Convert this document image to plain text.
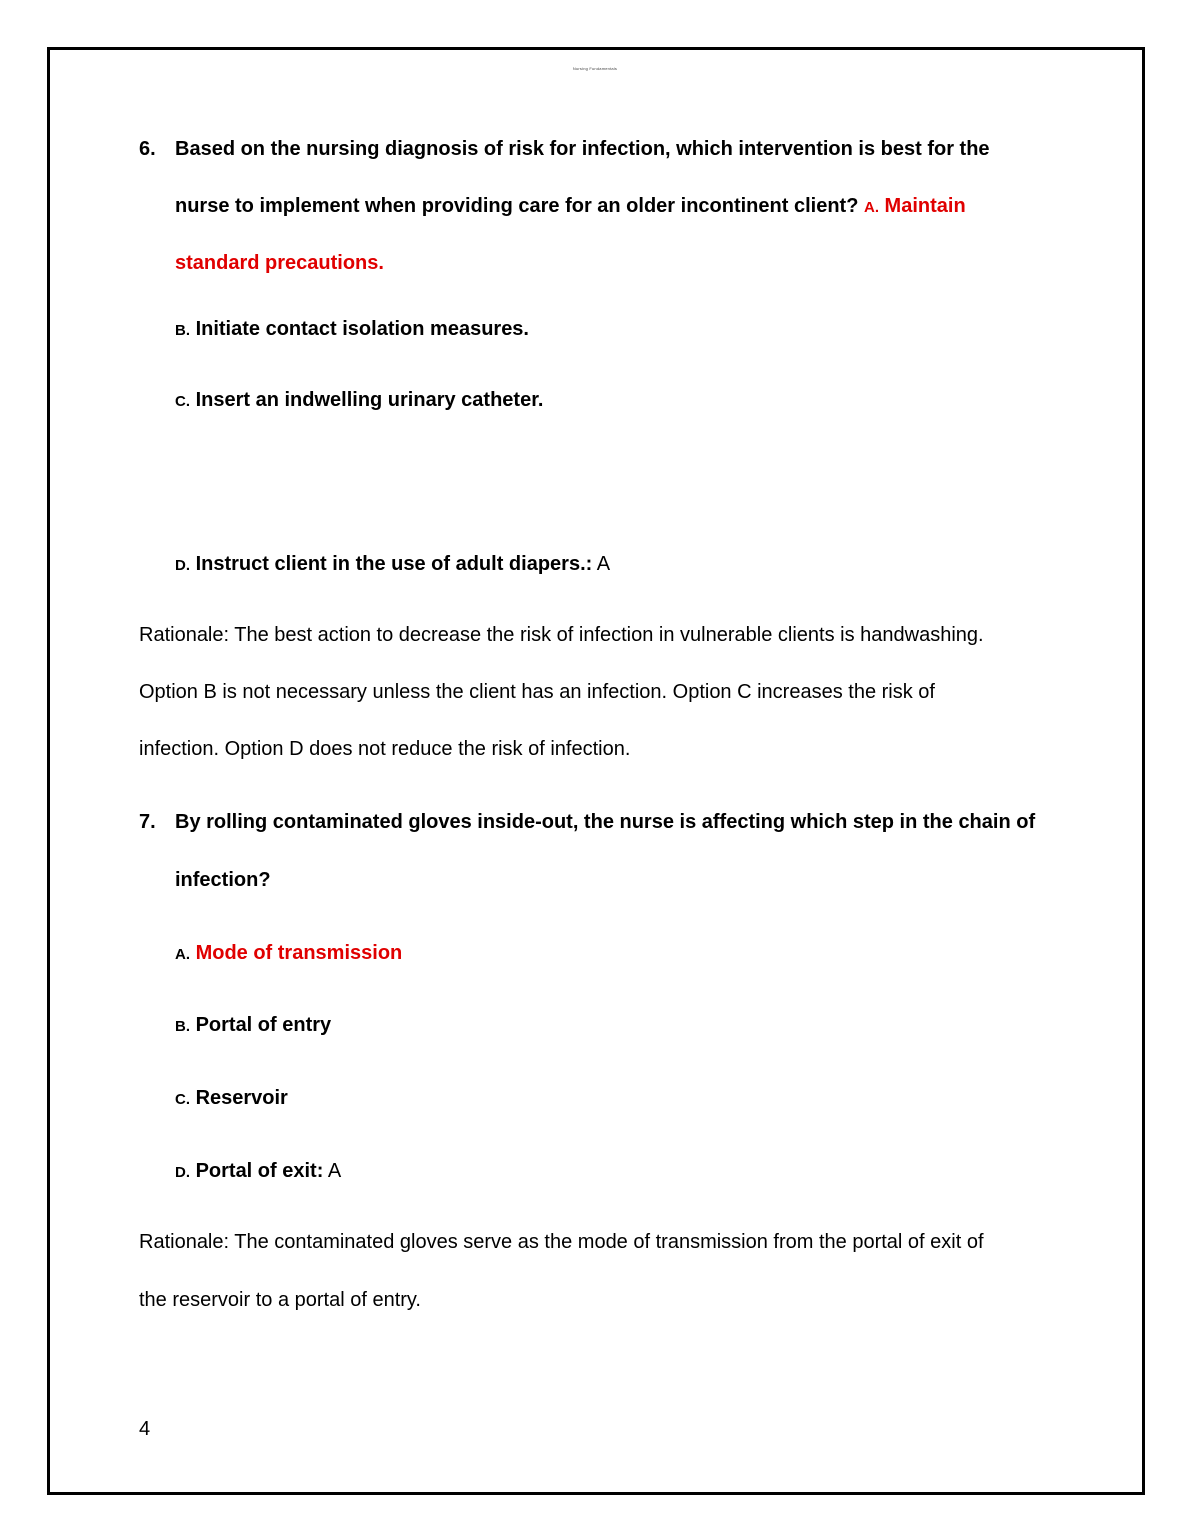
Nursing Fundamentals
6. Based on the nursing diagnosis of risk for infection, which intervention is best for the
nurse to implement when providing care for an older incontinent client? A. Maintain
standard precautions.
B. Initiate contact isolation measures.
C. Insert an indwelling urinary catheter.
D. Instruct client in the use of adult diapers.: A
Rationale: The best action to decrease the risk of infection in vulnerable clients is handwashing.
Option B is not necessary unless the client has an infection. Option C increases the risk of
infection. Option D does not reduce the risk of infection.
7. By rolling contaminated gloves inside-out, the nurse is affecting which step in the chain of
infection?
A. Mode of transmission
B. Portal of entry
C. Reservoir
D. Portal of exit: A
Rationale: The contaminated gloves serve as the mode of transmission from the portal of exit of
the reservoir to a portal of entry.
4
